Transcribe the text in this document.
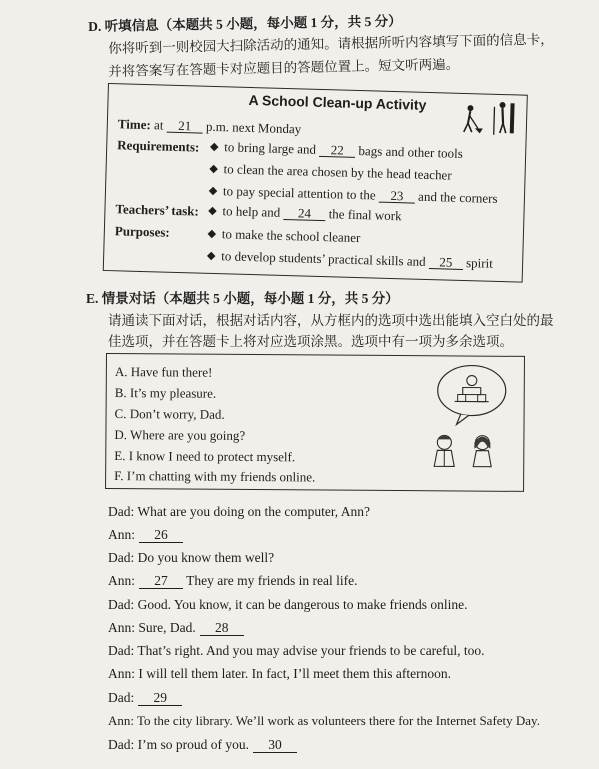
D. 听填信息（本题共 5 小题，每小题 1 分，共 5 分）
你将听到一则校园大扫除活动的通知。请根据所听内容填写下面的信息卡，
并将答案写在答题卡对应题目的答题位置上。短文听两遍。
A School Clean-up Activity
Time: at 21 p.m. next Monday
Requirements:	to bring large and 22 bags and other tools
to clean the area chosen by the head teacher
to pay special attention to the 23 and the corners
Teachers’ task:	to help and 24 the final work
Purposes:	to make the school cleaner
to develop students’ practical skills and 25 spirit
E. 情景对话（本题共 5 小题，每小题 1 分，共 5 分）
请通读下面对话，根据对话内容，从方框内的选项中选出能填入空白处的最
佳选项，并在答题卡上将对应选项涂黑。选项中有一项为多余选项。
A. Have fun there!
B. It’s my pleasure.
C. Don’t worry, Dad.
D. Where are you going?
E. I know I need to protect myself.
F. I’m chatting with my friends online.
Dad: What are you doing on the computer, Ann?
Ann: 26
Dad: Do you know them well?
Ann: 27 They are my friends in real life.
Dad: Good. You know, it can be dangerous to make friends online.
Ann: Sure, Dad. 28
Dad: That’s right. And you may advise your friends to be careful, too.
Ann: I will tell them later. In fact, I’ll meet them this afternoon.
Dad: 29
Ann: To the city library. We’ll work as volunteers there for the Internet Safety Day.
Dad: I’m so proud of you. 30
